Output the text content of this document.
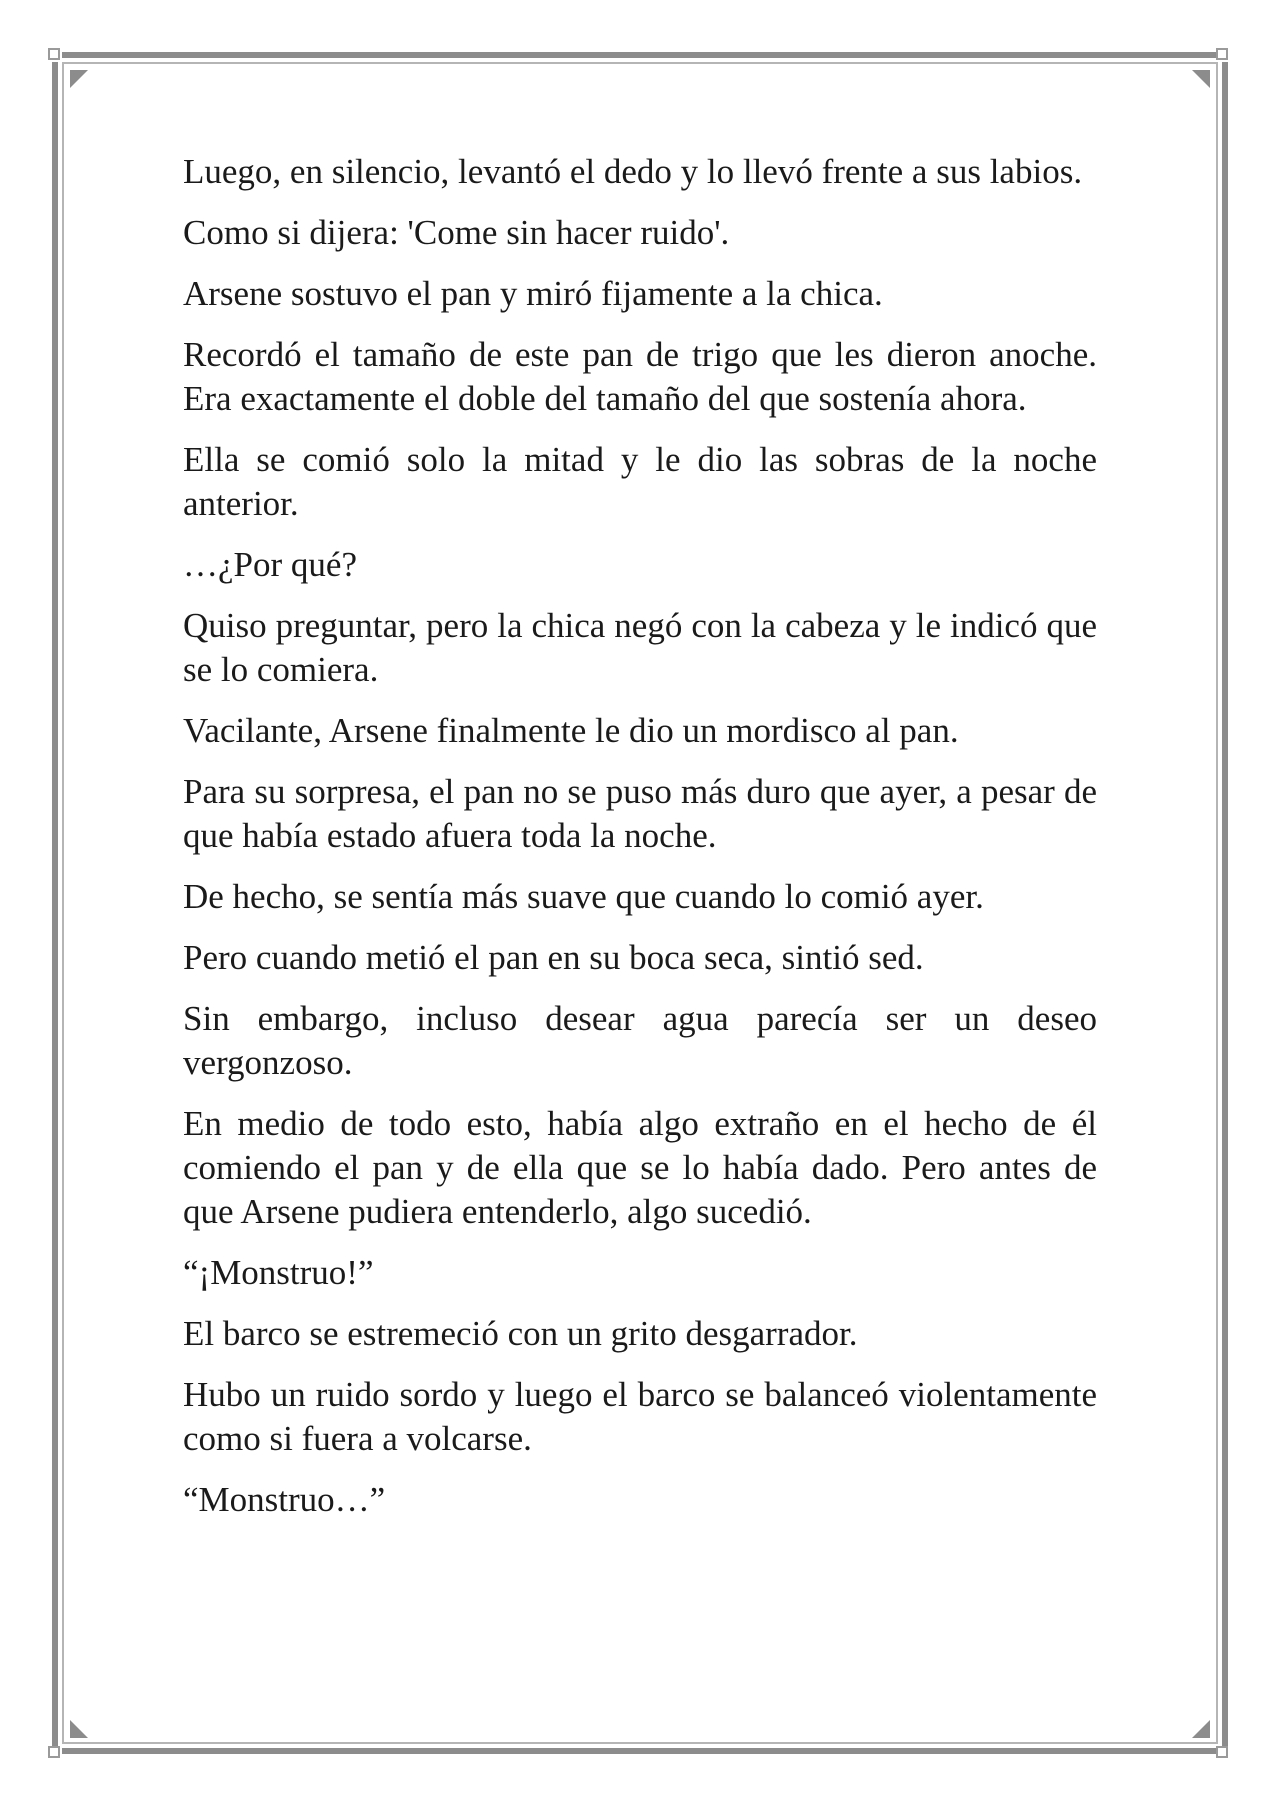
Luego, en silencio, levantó el dedo y lo llevó frente a sus labios.

Como si dijera: 'Come sin hacer ruido'.

Arsene sostuvo el pan y miró fijamente a la chica.

Recordó el tamaño de este pan de trigo que les dieron anoche. Era exactamente el doble del tamaño del que sostenía ahora.

Ella se comió solo la mitad y le dio las sobras de la noche anterior.

…¿Por qué?

Quiso preguntar, pero la chica negó con la cabeza y le indicó que se lo comiera.

Vacilante, Arsene finalmente le dio un mordisco al pan.

Para su sorpresa, el pan no se puso más duro que ayer, a pesar de que había estado afuera toda la noche.

De hecho, se sentía más suave que cuando lo comió ayer.

Pero cuando metió el pan en su boca seca, sintió sed.

Sin embargo, incluso desear agua parecía ser un deseo vergonzoso.

En medio de todo esto, había algo extraño en el hecho de él comiendo el pan y de ella que se lo había dado. Pero antes de que Arsene pudiera entenderlo, algo sucedió.

“¡Monstruo!”

El barco se estremeció con un grito desgarrador.

Hubo un ruido sordo y luego el barco se balanceó violentamente como si fuera a volcarse.

“Monstruo…”
